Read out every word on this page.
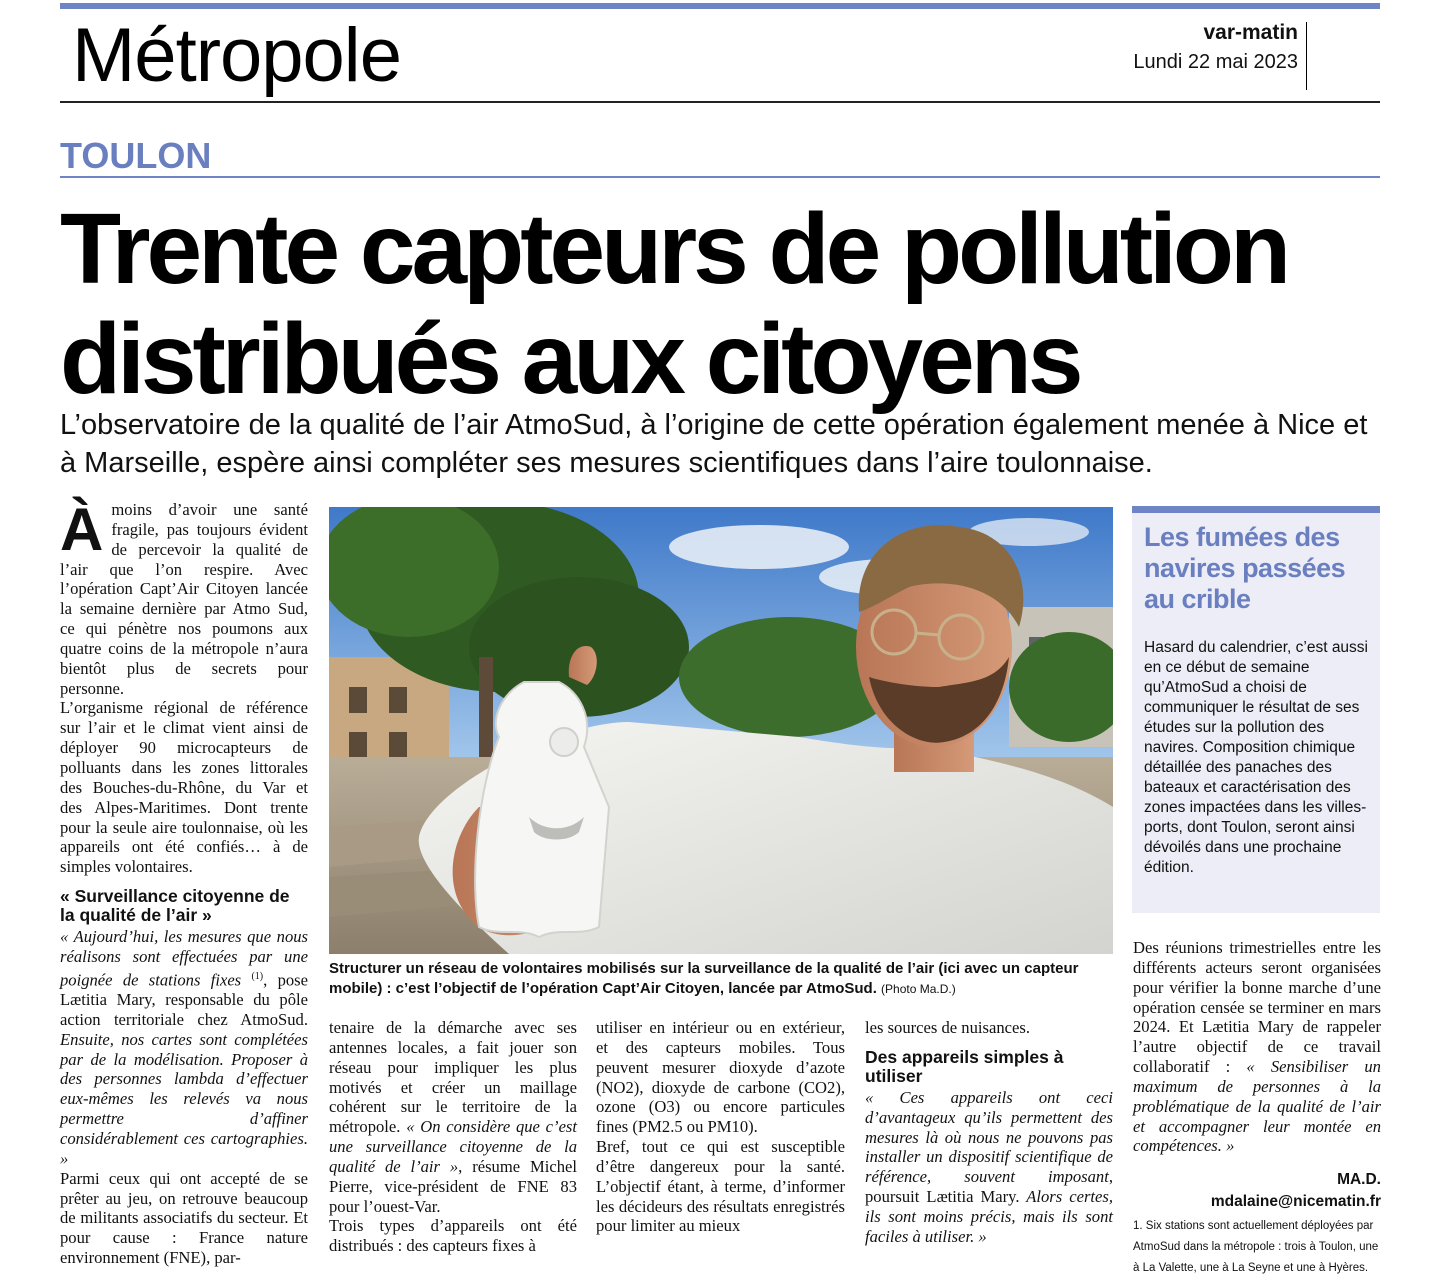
Métropole	var-matin
Lundi 22 mai 2023
TOULON
Trente capteurs de pollution
distribués aux citoyens

L’observatoire de la qualité de l’air AtmoSud, à l’origine de cette opération également menée à Nice et à Marseille, espère ainsi compléter ses mesures scientifiques dans l’aire toulonnaise.

Àmoins d’avoir une santé fragile, pas toujours évident de percevoir la qualité de l’air que l’on respire. Avec l’opération Capt’Air Citoyen lancée la semaine dernière par Atmo Sud, ce qui pénètre nos poumons aux quatre coins de la métropole n’aura bientôt plus de secrets pour personne.

L’organisme régional de référence sur l’air et le climat vient ainsi de déployer 90 microcapteurs de polluants dans les zones littorales des Bouches-du-Rhône, du Var et des Alpes-Maritimes. Dont trente pour la seule aire toulonnaise, où les appareils ont été confiés… à de simples volontaires.

« Surveillance citoyenne de la qualité de l’air »

« Aujourd’hui, les mesures que nous réalisons sont effectuées par une poignée de stations fixes $^{(1)}$, pose Lætitia Mary, responsable du pôle action territoriale chez AtmoSud. Ensuite, nos cartes sont complétées par de la modélisation. Proposer à des personnes lambda d’effectuer eux-mêmes les relevés va nous permettre d’affiner considérablement ces cartographies. »

Parmi ceux qui ont accepté de se prêter au jeu, on retrouve beaucoup de militants associatifs du secteur. Et pour cause : France nature environnement (FNE), par-

Structurer un réseau de volontaires mobilisés sur la surveillance de la qualité de l’air (ici avec un capteur mobile) : c’est l’objectif de l’opération Capt’Air Citoyen, lancée par AtmoSud. (Photo Ma.D.)

tenaire de la démarche avec ses antennes locales, a fait jouer son réseau pour impliquer les plus motivés et créer un maillage cohérent sur le territoire de la métropole. « On considère que c’est une surveillance citoyenne de la qualité de l’air », résume Michel Pierre, vice-président de FNE 83 pour l’ouest-Var.

Trois types d’appareils ont été distribués : des capteurs fixes à

utiliser en intérieur ou en extérieur, et des capteurs mobiles. Tous peuvent mesurer dioxyde d’azote (NO2), dioxyde de carbone (CO2), ozone (O3) ou encore particules fines (PM2.5 ou PM10).

Bref, tout ce qui est susceptible d’être dangereux pour la santé. L’objectif étant, à terme, d’informer les décideurs des résultats enregistrés pour limiter au mieux

les sources de nuisances.

Des appareils simples à utiliser

« Ces appareils ont ceci d’avantageux qu’ils permettent des mesures là où nous ne pouvons pas installer un dispositif scientifique de référence, souvent imposant, poursuit Lætitia Mary. Alors certes, ils sont moins précis, mais ils sont faciles à utiliser. »

Les fumées des navires passées au crible
Hasard du calendrier, c’est aussi en ce début de semaine qu’AtmoSud a choisi de communiquer le résultat de ses études sur la pollution des navires. Composition chimique détaillée des panaches des bateaux et caractérisation des zones impactées dans les villes-ports, dont Toulon, seront ainsi dévoilés dans une prochaine édition.

Des réunions trimestrielles entre les différents acteurs seront organisées pour vérifier la bonne marche d’une opération censée se terminer en mars 2024. Et Lætitia Mary de rappeler l’autre objectif de ce travail collaboratif : « Sensibiliser un maximum de personnes à la problématique de la qualité de l’air et accompagner leur montée en compétences. »

MA.D.
mdalaine@nicematin.fr
1. Six stations sont actuellement déployées par AtmoSud dans la métropole : trois à Toulon, une à La Valette, une à La Seyne et une à Hyères.
